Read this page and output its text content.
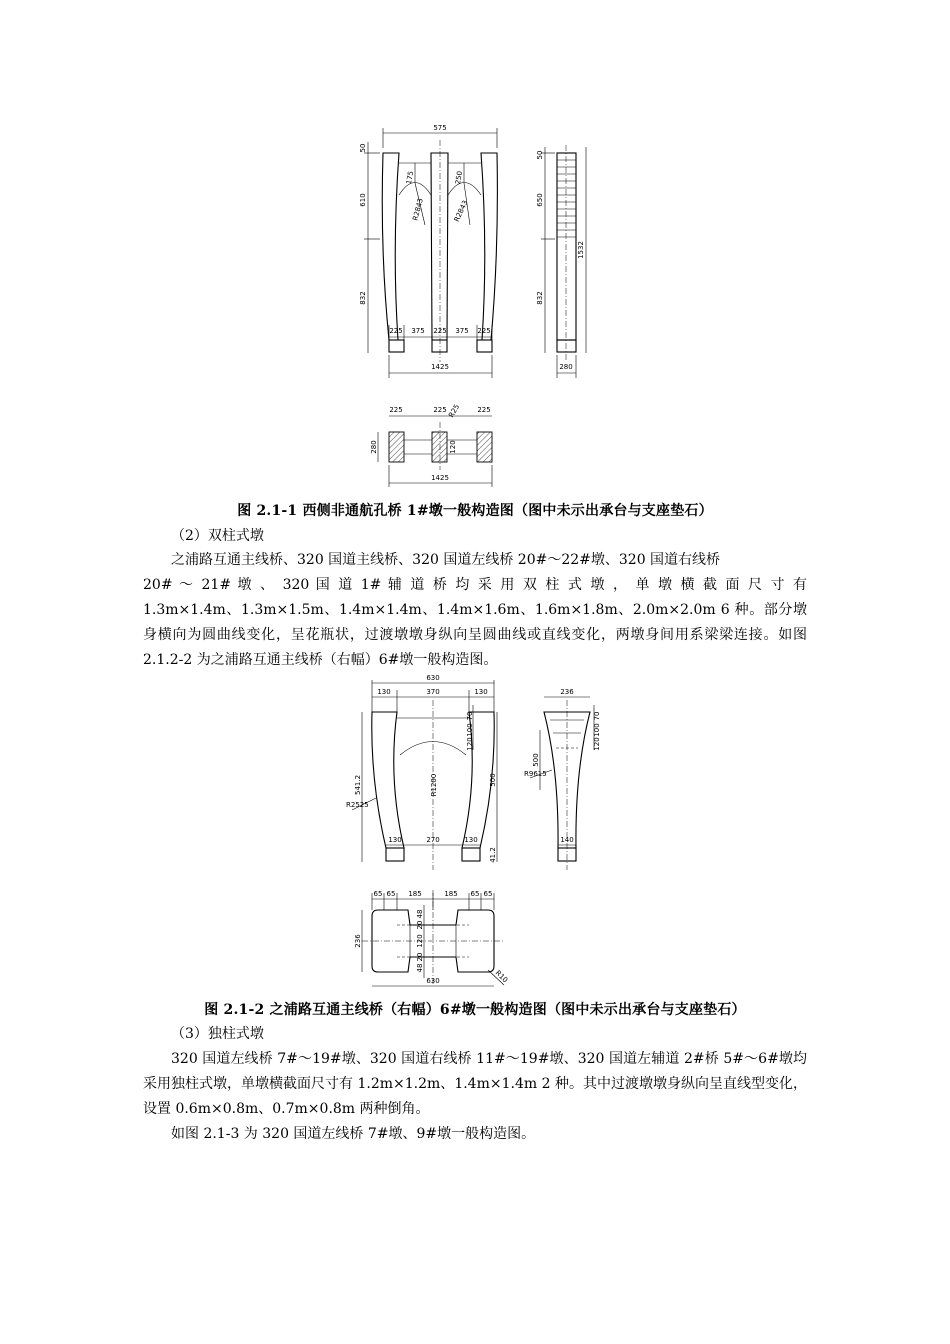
575
50
610
832
175	250
R2843	R2843
225 375 225 375 225
1425
50
650
832
1532
280
225	225	225
R25
280	120
1425
图 2.1-1 西侧非通航孔桥 1#墩一般构造图（图中未示出承台与支座垫石）
（2）双柱式墩
之浦路互通主线桥、320 国道主线桥、320 国道左线桥 20#～22#墩、320 国道右线桥
20# ～ 21# 墩 、 320 国 道 1# 辅 道 桥 均 采 用 双 柱 式 墩 ， 单 墩 横 截 面 尺 寸 有
1.3m×1.4m、1.3m×1.5m、1.4m×1.4m、1.4m×1.6m、1.6m×1.8m、2.0m×2.0m 6 种。部分墩身横向为圆曲线变化，呈花瓶状，过渡墩墩身纵向呈圆曲线或直线变化，两墩身间用系梁梁连接。如图 2.1.2-2 为之浦路互通主线桥（右幅）6#墩一般构造图。
630
130	370	130
R1200
70
100
120
500
41.2
541.2
R2525
130	270	130
236
70
100
120
500
R9615
140
65 65 185	185 65 65
236
48
20
120
20
48
R10
630
图 2.1-2 之浦路互通主线桥（右幅）6#墩一般构造图（图中未示出承台与支座垫石）
（3）独柱式墩
320 国道左线桥 7#～19#墩、320 国道右线桥 11#～19#墩、320 国道左辅道 2#桥 5#～6#墩均采用独柱式墩，单墩横截面尺寸有 1.2m×1.2m、1.4m×1.4m 2 种。其中过渡墩墩身纵向呈直线型变化，设置 0.6m×0.8m、0.7m×0.8m 两种倒角。
如图 2.1-3 为 320 国道左线桥 7#墩、9#墩一般构造图。
